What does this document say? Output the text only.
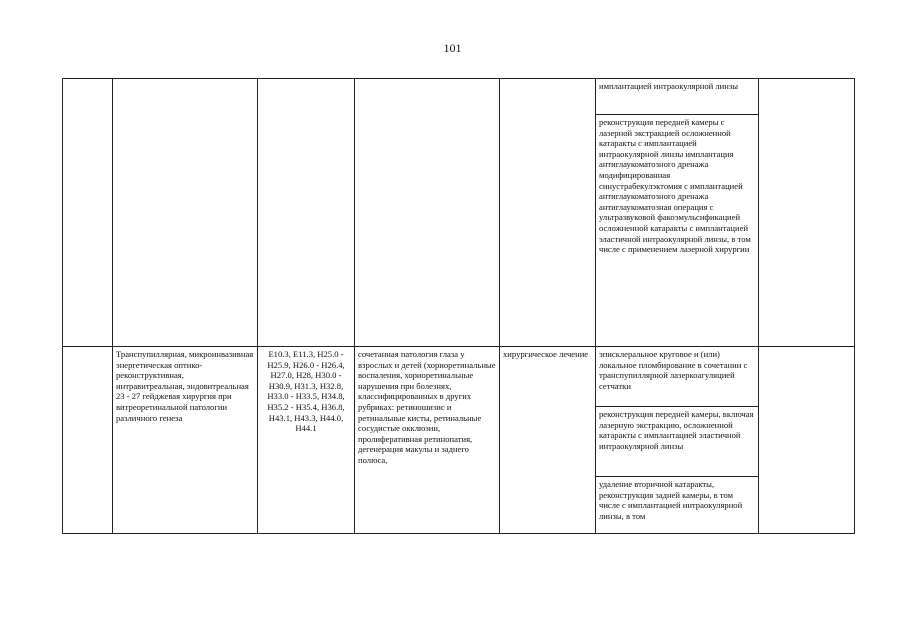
101
					имплантацией интраокулярной линзы	
					реконструкция передней камеры с лазерной экстракцией осложненной катаракты с имплантацией интраокулярной линзы имплантация антиглаукоматозного дренажа модифицированная синустрабекулэктомия с имплантацией антиглаукоматозного дренажа антиглаукоматозная операция с ультразвуковой факоэмульсификацией осложненной катаракты с имплантацией эластичной интраокулярной линзы, в том числе с применением лазерной хирургии	
	Транспупиллярная, микроинвазивная энергетическая оптико-реконструктивная, интравитреальная, эндовитреальная 23 - 27 гейджевая хирургия при витреоретинальной патологии различного генеза	Е10.3, Е11.3, Н25.0 - Н25.9, Н26.0 - Н26.4, Н27.0, Н28, Н30.0 - Н30.9, Н31.3, Н32.8, Н33.0 - Н33.5, Н34.8, Н35.2 - Н35.4, Н36.8, Н43.1, Н43.3, Н44.0, Н44.1	сочетанная патология глаза у взрослых и детей (хориоретинальные воспаления, хориоретинальные нарушения при болезнях, классифицированных в других рубриках: ретиношизис и ретинальные кисты, ретинальные сосудистые окклюзии, пролиферативная ретинопатия, дегенерация макулы и заднего полюса,	хирургическое лечение	эписклеральное круговое и (или) локальное пломбирование в сочетании с транспупиллярной лазеркоагуляцией сетчатки	
					реконструкция передней камеры, включая лазерную экстракцию, осложненной катаракты с имплантацией эластичной интраокулярной линзы	
					удаление вторичной катаракты, реконструкция задней камеры, в том числе с имплантацией интраокулярной линзы, в том	
